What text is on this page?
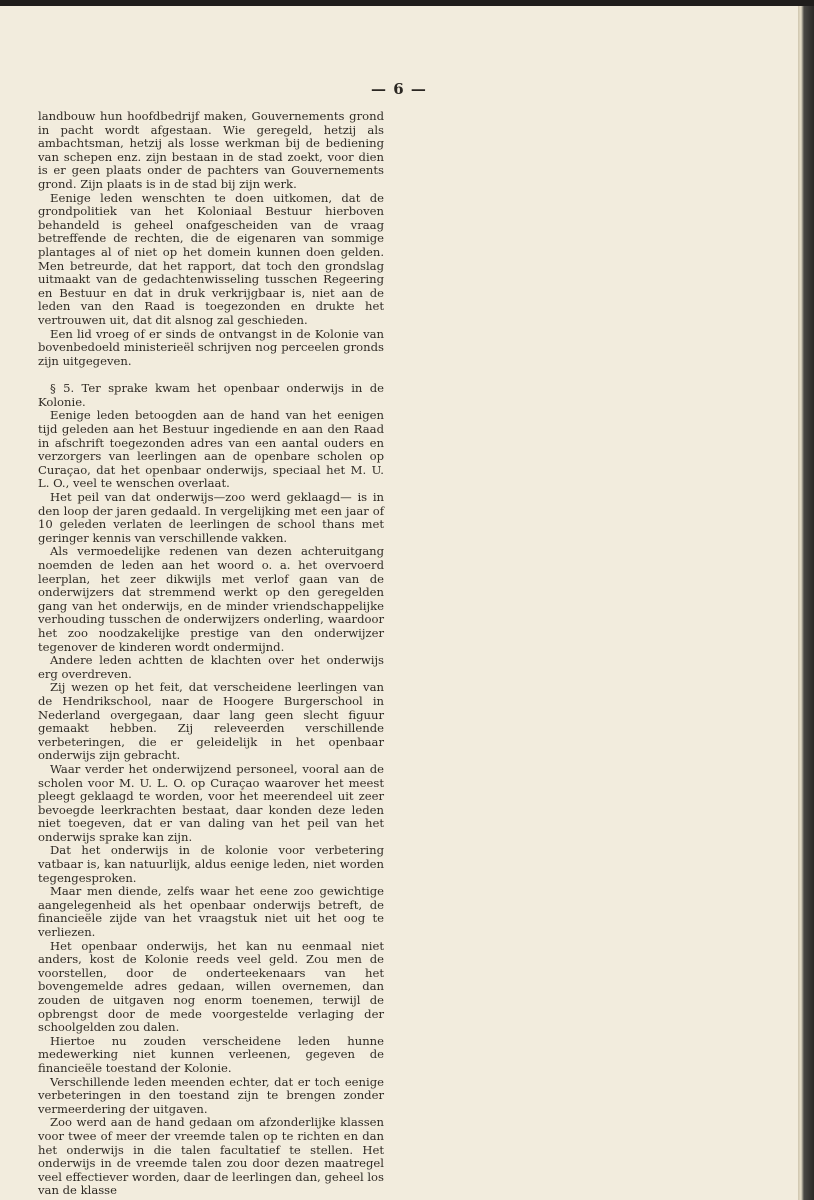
— 6 —

landbouw hun hoofdbedrijf maken, Gouvernements grond in pacht wordt afgestaan. Wie geregeld, hetzij als ambachtsman, hetzij als losse werkman bij de bediening van schepen enz. zijn bestaan in de stad zoekt, voor dien is er geen plaats onder de pachters van Gouvernements grond. Zijn plaats is in de stad bij zijn werk.

Eenige leden wenschten te doen uitkomen, dat de grondpolitiek van het Koloniaal Bestuur hierboven behandeld is geheel onafgescheiden van de vraag betreffende de rechten, die de eigenaren van sommige plantages al of niet op het domein kunnen doen gelden. Men betreurde, dat het rapport, dat toch den grondslag uitmaakt van de gedachtenwisseling tusschen Regeering en Bestuur en dat in druk verkrijgbaar is, niet aan de leden van den Raad is toegezonden en drukte het vertrouwen uit, dat dit alsnog zal geschieden.

Een lid vroeg of er sinds de ontvangst in de Kolonie van bovenbedoeld ministerieël schrijven nog perceelen gronds zijn uitgegeven.

§ 5. Ter sprake kwam het openbaar onderwijs in de Kolonie.

Eenige leden betoogden aan de hand van het eenigen tijd geleden aan het Bestuur ingediende en aan den Raad in afschrift toegezonden adres van een aantal ouders en verzorgers van leerlingen aan de openbare scholen op Curaçao, dat het openbaar onderwijs, speciaal het M. U. L. O., veel te wenschen overlaat.

Het peil van dat onderwijs—zoo werd geklaagd— is in den loop der jaren gedaald. In vergelijking met een jaar of 10 geleden verlaten de leerlingen de school thans met geringer kennis van verschillende vakken.

Als vermoedelijke redenen van dezen achteruitgang noemden de leden aan het woord o. a. het overvoerd leerplan, het zeer dikwijls met verlof gaan van de onderwijzers dat stremmend werkt op den geregelden gang van het onderwijs, en de minder vriendschappelijke verhouding tusschen de onderwijzers onderling, waardoor het zoo noodzakelijke prestige van den onderwijzer tegenover de kinderen wordt ondermijnd.

Andere leden achtten de klachten over het onderwijs erg overdreven.

Zij wezen op het feit, dat verscheidene leerlingen van de Hendrikschool, naar de Hoogere Burgerschool in Nederland overgegaan, daar lang geen slecht figuur gemaakt hebben. Zij releveerden verschillende verbeteringen, die er geleidelijk in het openbaar onderwijs zijn gebracht.

Waar verder het onderwijzend personeel, vooral aan de scholen voor M. U. L. O. op Curaçao waarover het meest pleegt geklaagd te worden, voor het meerendeel uit zeer bevoegde leerkrachten bestaat, daar konden deze leden niet toegeven, dat er van daling van het peil van het onderwijs sprake kan zijn.

Dat het onderwijs in de kolonie voor verbetering vatbaar is, kan natuurlijk, aldus eenige leden, niet worden tegengesproken.

Maar men diende, zelfs waar het eene zoo gewichtige aangelegenheid als het openbaar onderwijs betreft, de financieële zijde van het vraagstuk niet uit het oog te verliezen.

Het openbaar onderwijs, het kan nu eenmaal niet anders, kost de Kolonie reeds veel geld. Zou men de voorstellen, door de onderteekenaars van het bovengemelde adres gedaan, willen overnemen, dan zouden de uitgaven nog enorm toenemen, terwijl de opbrengst door de mede voorgestelde verlaging der schoolgelden zou dalen.

Hiertoe nu zouden verscheidene leden hunne medewerking niet kunnen verleenen, gegeven de financieële toestand der Kolonie.

Verschillende leden meenden echter, dat er toch eenige verbeteringen in den toestand zijn te brengen zonder vermeerdering der uitgaven.

Zoo werd aan de hand gedaan om afzonderlijke klassen voor twee of meer der vreemde talen op te richten en dan het onderwijs in die talen facultatief te stellen. Het onderwijs in de vreemde talen zou door dezen maatregel veel effectiever worden, daar de leerlingen dan, geheel los van de klasse
